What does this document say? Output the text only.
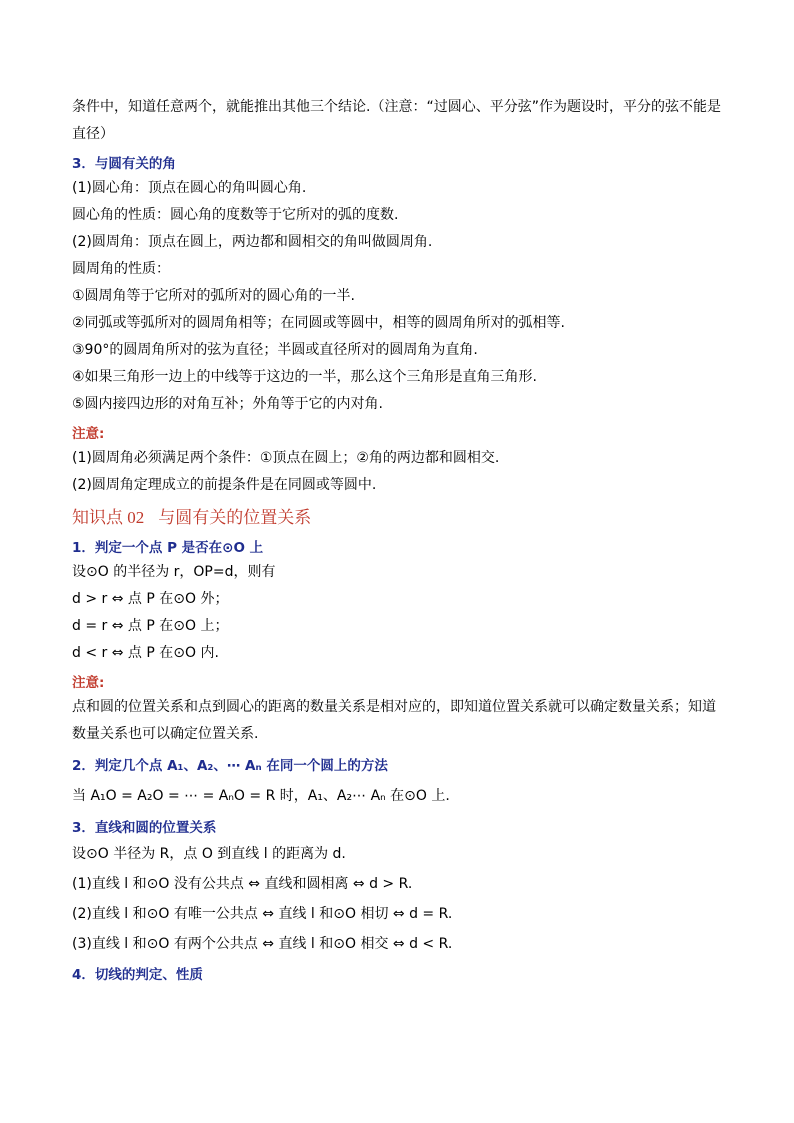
条件中，知道任意两个，就能推出其他三个结论.（注意：“过圆心、平分弦”作为题设时，平分的弦不能是直径）
3．与圆有关的角
(1)圆心角：顶点在圆心的角叫圆心角.
圆心角的性质：圆心角的度数等于它所对的弧的度数.
(2)圆周角：顶点在圆上，两边都和圆相交的角叫做圆周角.
圆周角的性质：
①圆周角等于它所对的弧所对的圆心角的一半.
②同弧或等弧所对的圆周角相等；在同圆或等圆中，相等的圆周角所对的弧相等.
③90°的圆周角所对的弦为直径；半圆或直径所对的圆周角为直角.
④如果三角形一边上的中线等于这边的一半，那么这个三角形是直角三角形.
⑤圆内接四边形的对角互补；外角等于它的内对角.
注意:
(1)圆周角必须满足两个条件：①顶点在圆上；②角的两边都和圆相交.
(2)圆周角定理成立的前提条件是在同圆或等圆中.
知识点 02 与圆有关的位置关系
1．判定一个点 P 是否在⊙O 上
设⊙O 的半径为 r，OP=d，则有
d > r ⇔ 点 P 在⊙O 外；
d = r ⇔ 点 P 在⊙O 上；
d < r ⇔ 点 P 在⊙O 内.
注意:
点和圆的位置关系和点到圆心的距离的数量关系是相对应的，即知道位置关系就可以确定数量关系；知道数量关系也可以确定位置关系.
2．判定几个点 A₁、A₂、⋯ Aₙ 在同一个圆上的方法
当 A₁O = A₂O = ⋯ = AₙO = R 时，A₁、A₂⋯ Aₙ 在⊙O 上.
3．直线和圆的位置关系
设⊙O 半径为 R，点 O 到直线 l 的距离为 d.
(1)直线 l 和⊙O 没有公共点 ⇔ 直线和圆相离 ⇔ d > R.
(2)直线 l 和⊙O 有唯一公共点 ⇔ 直线 l 和⊙O 相切 ⇔ d = R.
(3)直线 l 和⊙O 有两个公共点 ⇔ 直线 l 和⊙O 相交 ⇔ d < R.
4．切线的判定、性质
